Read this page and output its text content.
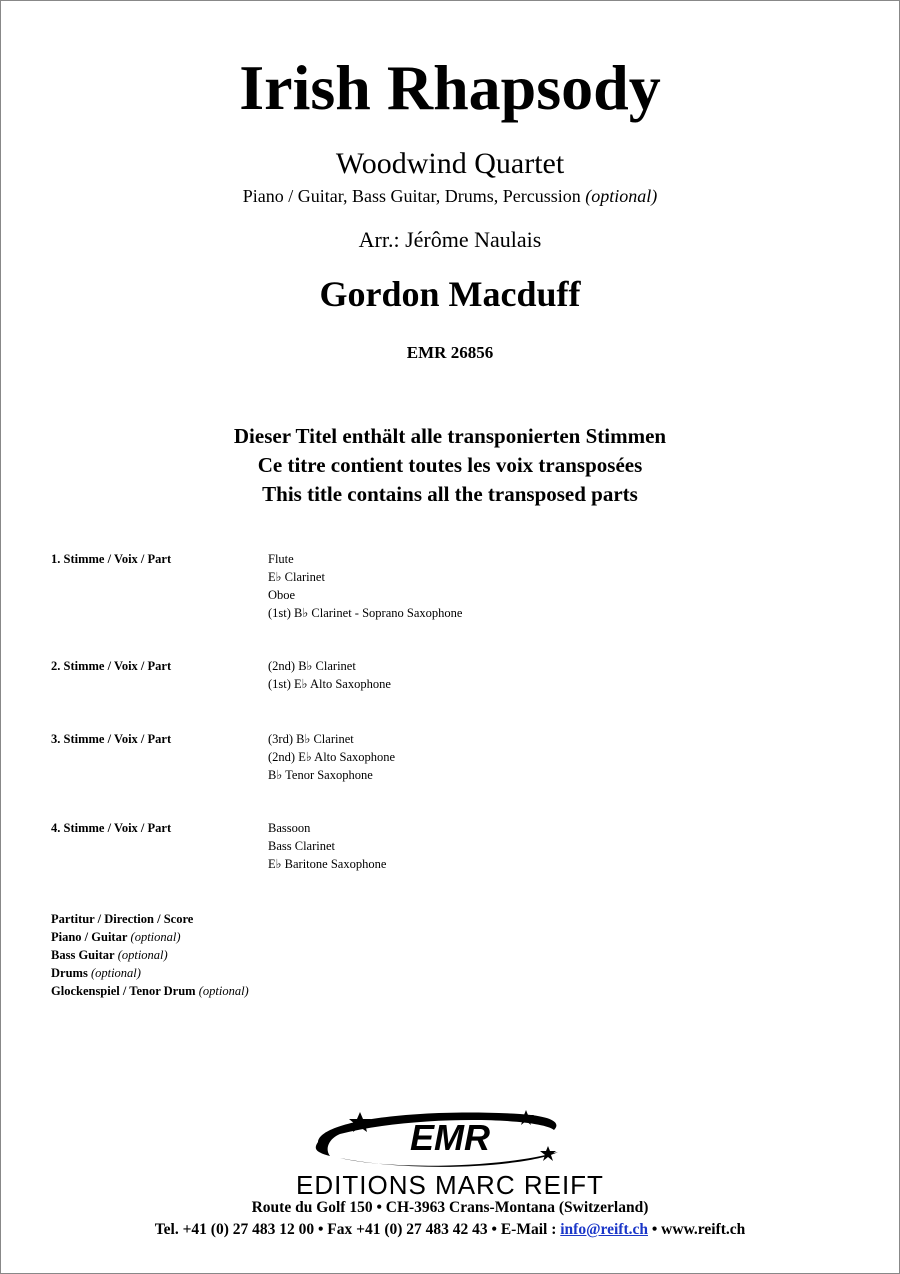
Irish Rhapsody
Woodwind Quartet
Piano / Guitar, Bass Guitar, Drums, Percussion (optional)
Arr.: Jérôme Naulais
Gordon Macduff
EMR 26856
Dieser Titel enthält alle transponierten Stimmen
Ce titre contient toutes les voix transposées
This title contains all the transposed parts
1. Stimme / Voix / Part	Flute
E♭ Clarinet
Oboe
(1st) B♭ Clarinet - Soprano Saxophone
2. Stimme / Voix / Part	(2nd) B♭ Clarinet
(1st) E♭ Alto Saxophone
3. Stimme / Voix / Part	(3rd) B♭ Clarinet
(2nd) E♭ Alto Saxophone
B♭ Tenor Saxophone
4. Stimme / Voix / Part	Bassoon
Bass Clarinet
E♭ Baritone Saxophone
Partitur / Direction / Score
Piano / Guitar (optional)
Bass Guitar (optional)
Drums (optional)
Glockenspiel / Tenor Drum (optional)
EMR
EDITIONS MARC REIFT
Route du Golf 150 • CH-3963 Crans-Montana (Switzerland)
Tel. +41 (0) 27 483 12 00 • Fax +41 (0) 27 483 42 43 • E-Mail : info@reift.ch • www.reift.ch
